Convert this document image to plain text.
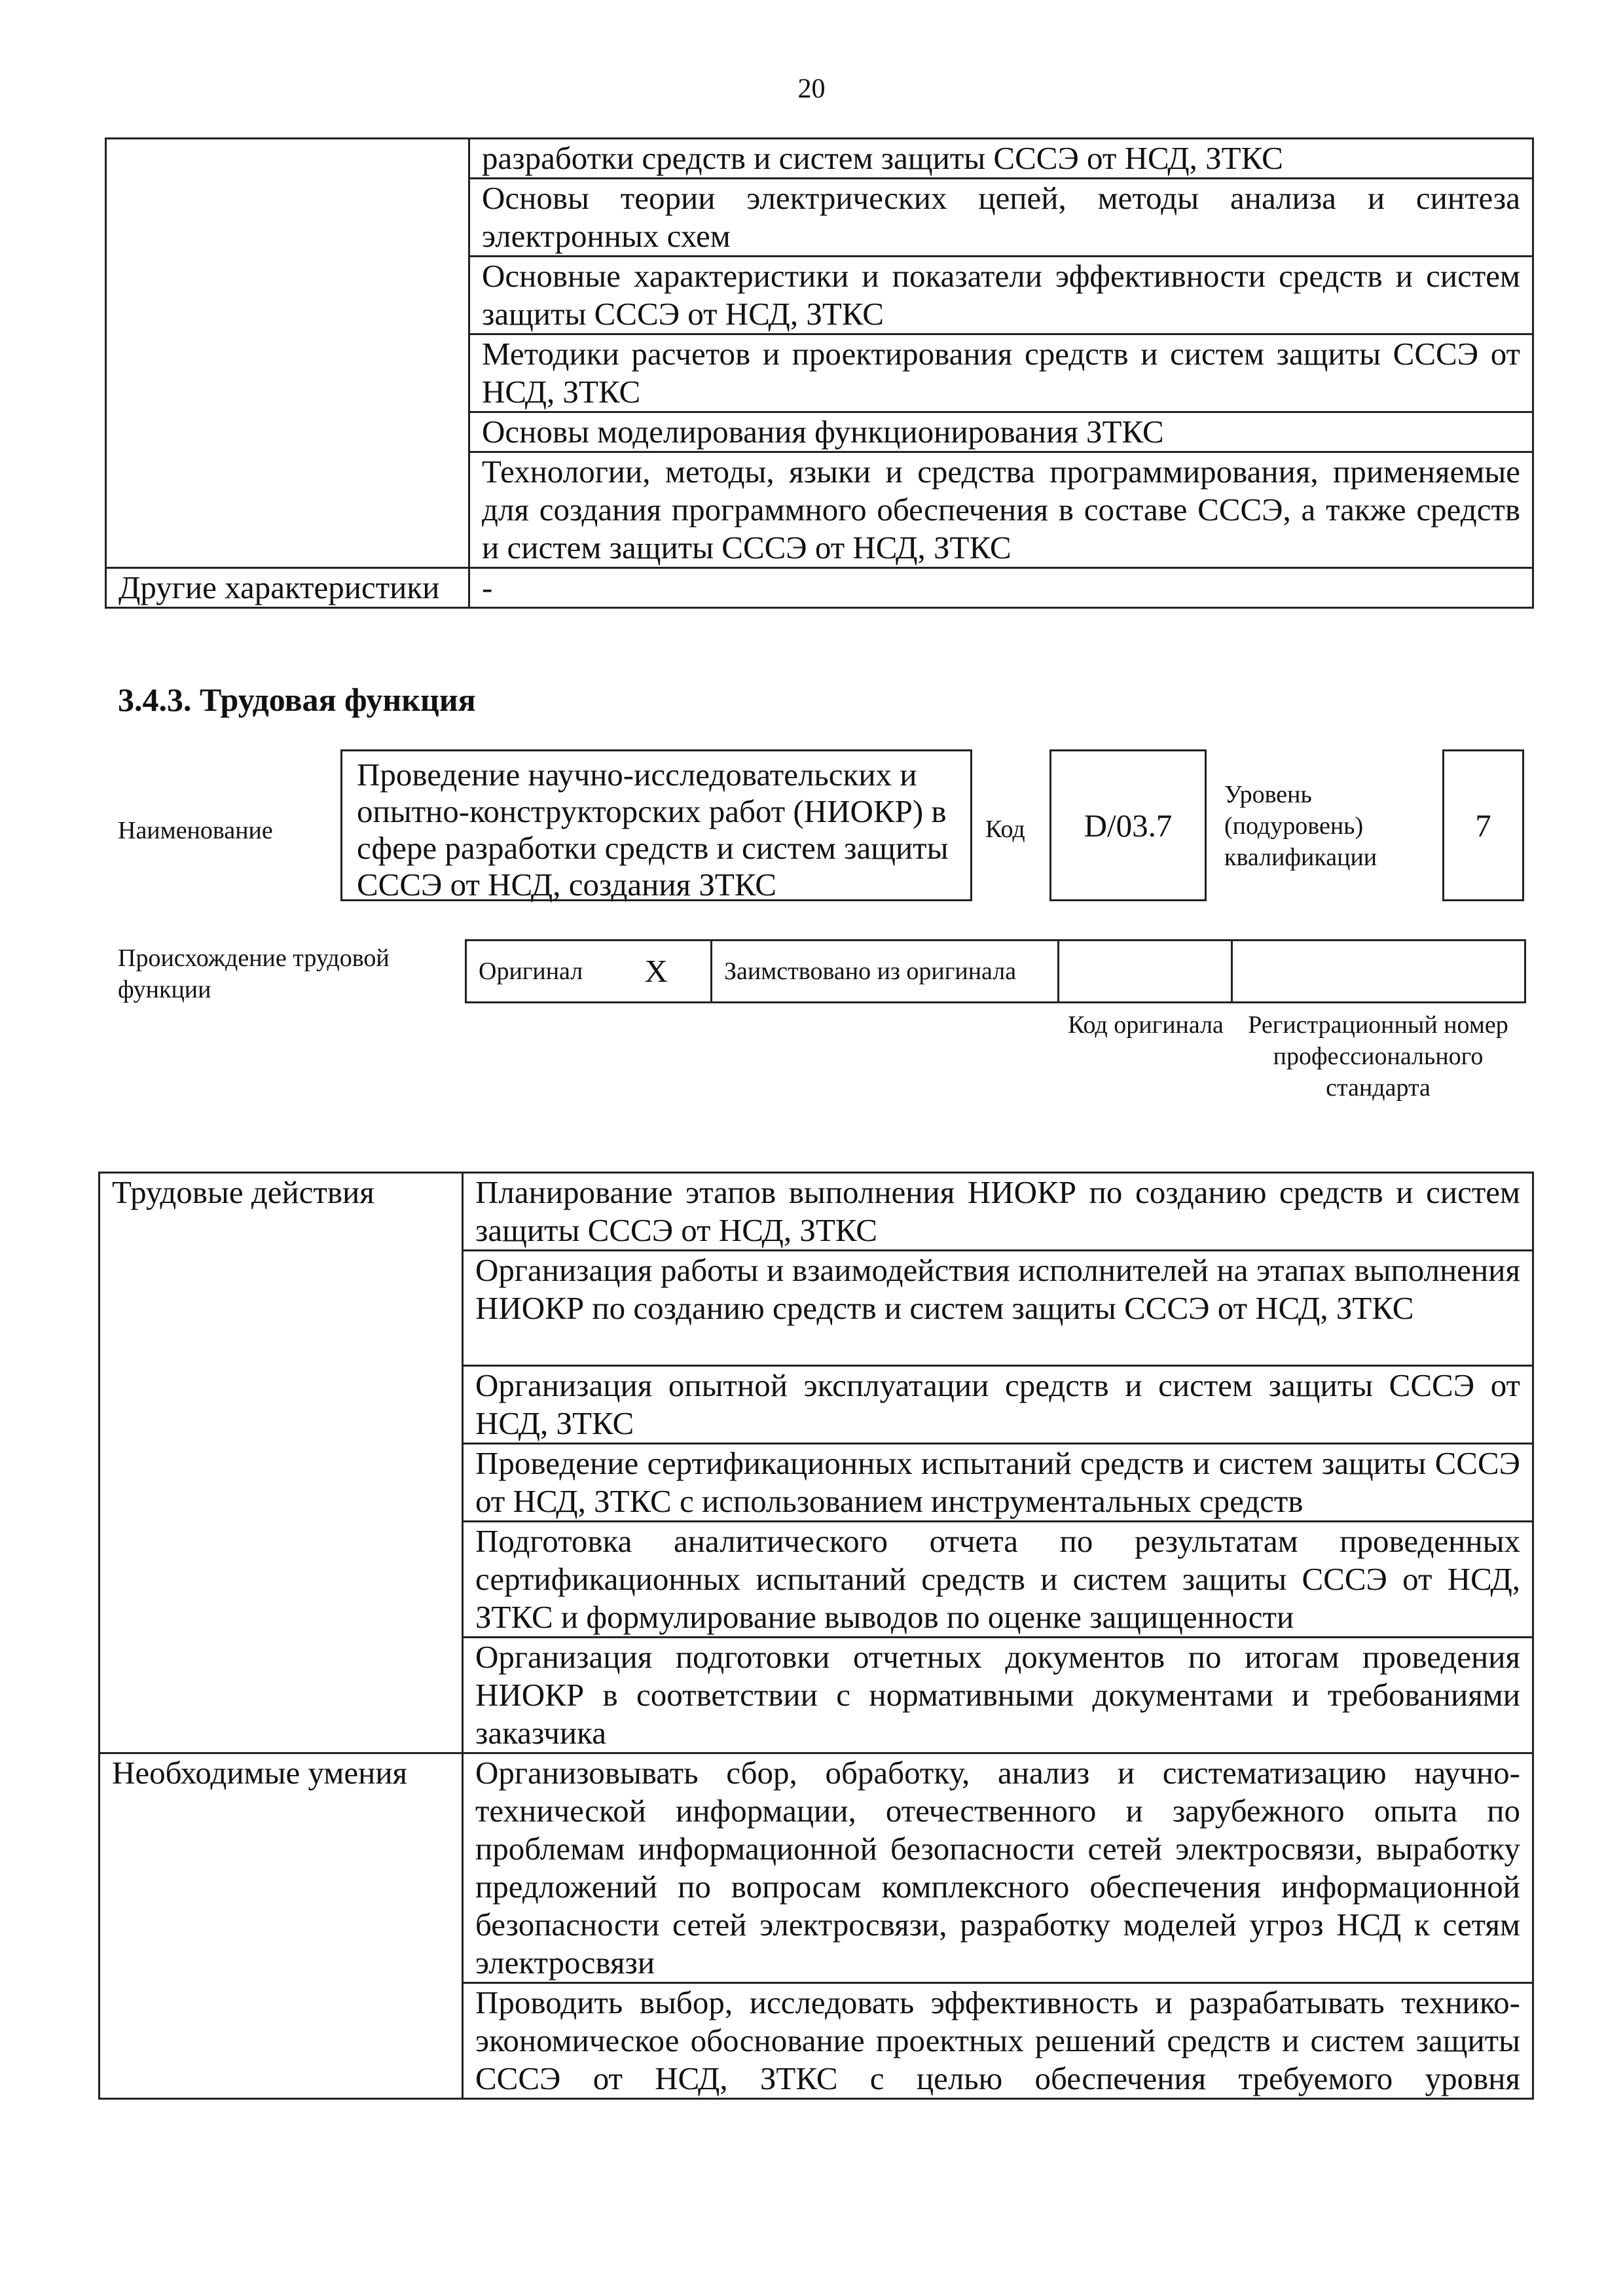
20
	разработки средств и систем защиты СССЭ от НСД, ЗТКС
	Основы теории электрических цепей, методы анализа и синтеза электронных схем
	Основные характеристики и показатели эффективности средств и систем защиты СССЭ от НСД, ЗТКС
	Методики расчетов и проектирования средств и систем защиты СССЭ от НСД, ЗТКС
	Основы моделирования функционирования ЗТКС
	Технологии, методы, языки и средства программирования, применяемые для создания программного обеспечения в составе СССЭ, а также средств и систем защиты СССЭ от НСД, ЗТКС
Другие характеристики	-
3.4.3. Трудовая функция
Наименование
Проведение научно-исследовательских и опытно-конструкторских работ (НИОКР) в сфере разработки средств и систем защиты СССЭ от НСД, создания ЗТКС
Код D/03.7
Уровень (подуровень) квалификации
7
Происхождение трудовой функции
Оригинал	X	Заимствовано из оригинала		
Код оригинала Регистрационный номер профессионального стандарта
Трудовые действия	Планирование этапов выполнения НИОКР по созданию средств и систем защиты СССЭ от НСД, ЗТКС
	Организация работы и взаимодействия исполнителей на этапах выполнения НИОКР по созданию средств и систем защиты СССЭ от НСД, ЗТКС
	Организация опытной эксплуатации средств и систем защиты СССЭ от НСД, ЗТКС
	Проведение сертификационных испытаний средств и систем защиты СССЭ от НСД, ЗТКС с использованием инструментальных средств
	Подготовка аналитического отчета по результатам проведенных сертификационных испытаний средств и систем защиты СССЭ от НСД, ЗТКС и формулирование выводов по оценке защищенности
	Организация подготовки отчетных документов по итогам проведения НИОКР в соответствии с нормативными документами и требованиями заказчика
Необходимые умения	Организовывать сбор, обработку, анализ и систематизацию научно-технической информации, отечественного и зарубежного опыта по проблемам информационной безопасности сетей электросвязи, выработку предложений по вопросам комплексного обеспечения информационной безопасности сетей электросвязи, разработку моделей угроз НСД к сетям электросвязи
	Проводить выбор, исследовать эффективность и разрабатывать технико-экономическое обоснование проектных решений средств и систем защиты СССЭ от НСД, ЗТКС с целью обеспечения требуемого уровня
